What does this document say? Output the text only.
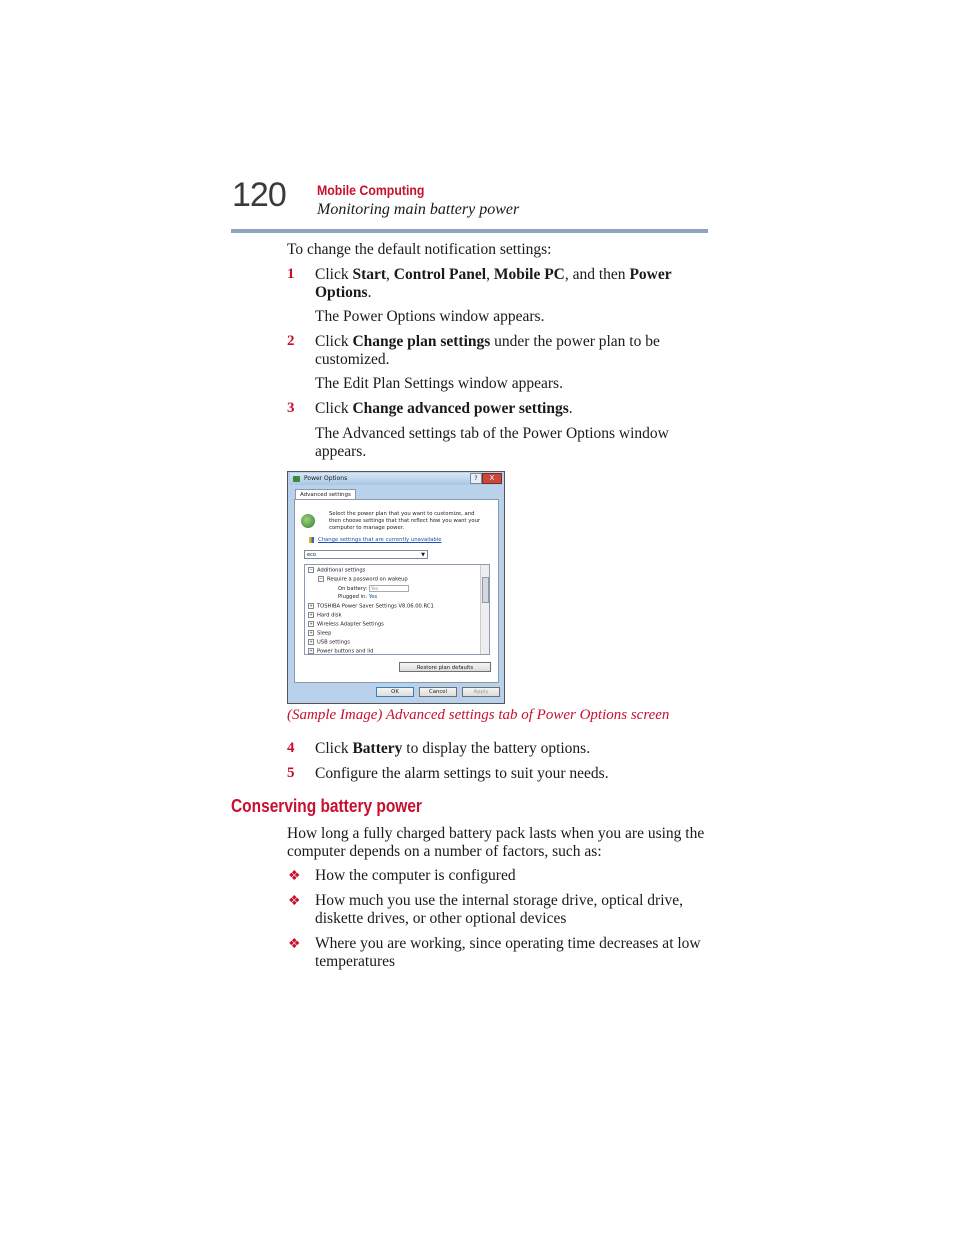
120 Mobile Computing
Monitoring main battery power
To change the default notification settings:
1 Click Start, Control Panel, Mobile PC, and then Power
Options.
The Power Options window appears.
2 Click Change plan settings under the power plan to be
customized.
The Edit Plan Settings window appears.
3 Click Change advanced power settings.
The Advanced settings tab of the Power Options window
appears.
Power Options	?	X
Advanced settings
Select the power plan that you want to customize, and
then choose settings that that reflect how you want your
computer to manage power.
Change settings that are currently unavailable
eco	▼
− Additional settings
− Require a password on wakeup
On battery: Yes
Plugged in: Yes
+ TOSHIBA Power Saver Settings V8.06.00.RC1
+ Hard disk
+ Wireless Adapter Settings
+ Sleep
+ USB settings
+ Power buttons and lid
Restore plan defaults
OK	Cancel	Apply
(Sample Image) Advanced settings tab of Power Options screen
4 Click Battery to display the battery options.
5 Configure the alarm settings to suit your needs.
Conserving battery power
How long a fully charged battery pack lasts when you are using the
computer depends on a number of factors, such as:
❖ How the computer is configured
❖ How much you use the internal storage drive, optical drive,
diskette drives, or other optional devices
❖ Where you are working, since operating time decreases at low
temperatures
